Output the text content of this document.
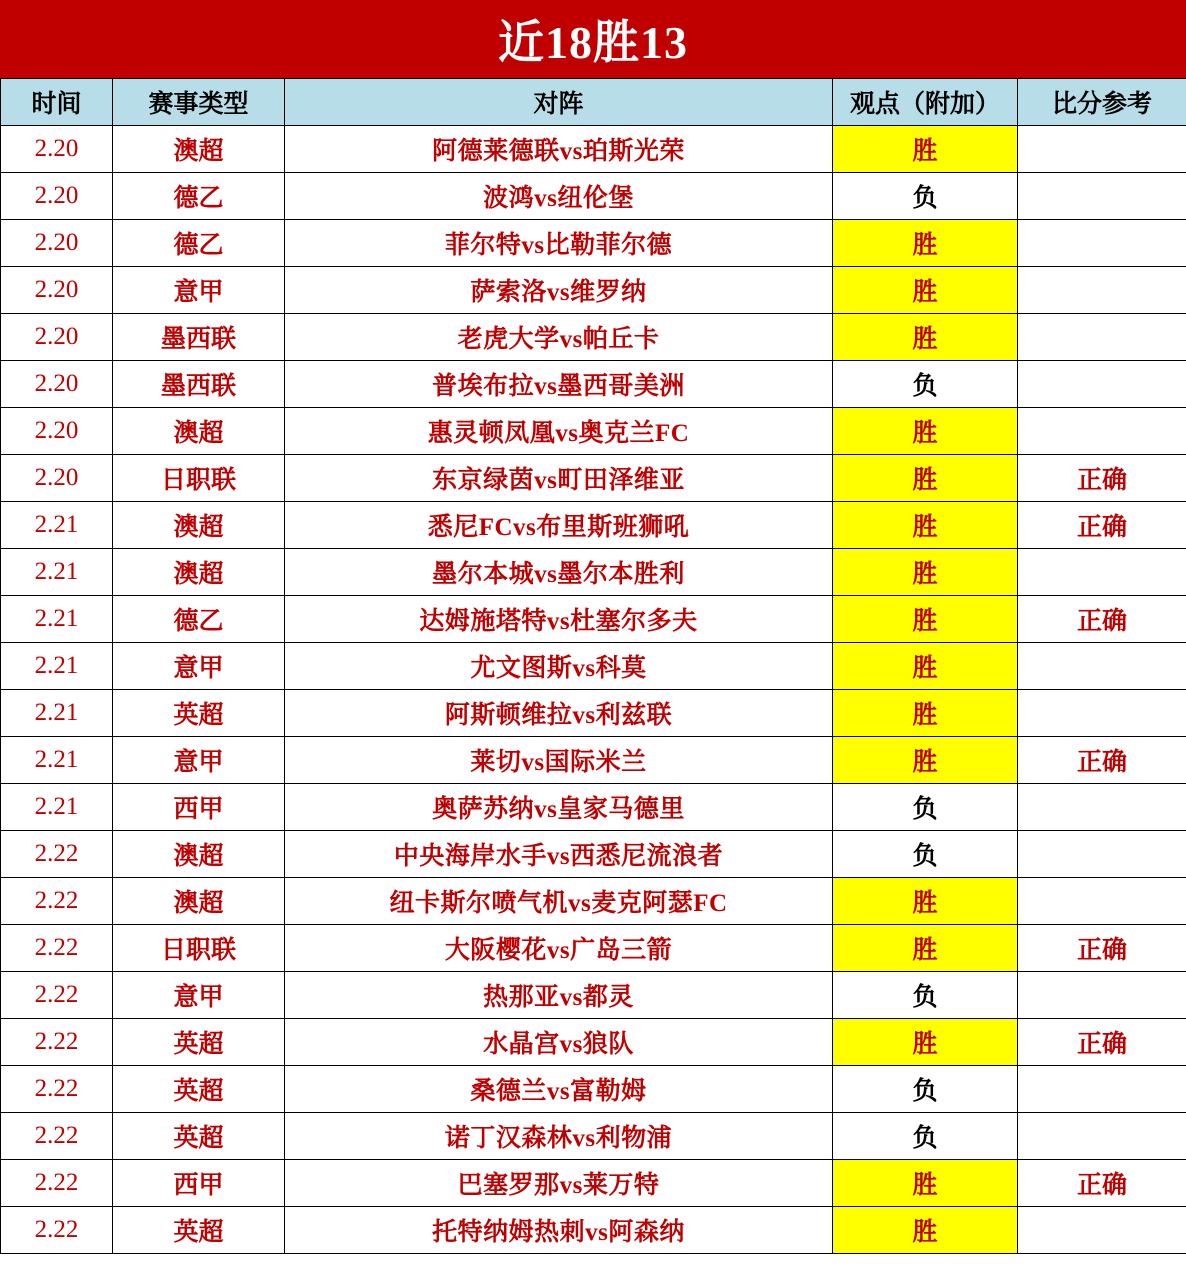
近18胜13
时间	赛事类型	对阵	观点（附加）	比分参考
2.20	澳超	阿德莱德联vs珀斯光荣	胜	
2.20	德乙	波鸿vs纽伦堡	负	
2.20	德乙	菲尔特vs比勒菲尔德	胜	
2.20	意甲	萨索洛vs维罗纳	胜	
2.20	墨西联	老虎大学vs帕丘卡	胜	
2.20	墨西联	普埃布拉vs墨西哥美洲	负	
2.20	澳超	惠灵顿凤凰vs奥克兰FC	胜	
2.20	日职联	东京绿茵vs町田泽维亚	胜	正确
2.21	澳超	悉尼FCvs布里斯班狮吼	胜	正确
2.21	澳超	墨尔本城vs墨尔本胜利	胜	
2.21	德乙	达姆施塔特vs杜塞尔多夫	胜	正确
2.21	意甲	尤文图斯vs科莫	胜	
2.21	英超	阿斯顿维拉vs利兹联	胜	
2.21	意甲	莱切vs国际米兰	胜	正确
2.21	西甲	奥萨苏纳vs皇家马德里	负	
2.22	澳超	中央海岸水手vs西悉尼流浪者	负	
2.22	澳超	纽卡斯尔喷气机vs麦克阿瑟FC	胜	
2.22	日职联	大阪樱花vs广岛三箭	胜	正确
2.22	意甲	热那亚vs都灵	负	
2.22	英超	水晶宫vs狼队	胜	正确
2.22	英超	桑德兰vs富勒姆	负	
2.22	英超	诺丁汉森林vs利物浦	负	
2.22	西甲	巴塞罗那vs莱万特	胜	正确
2.22	英超	托特纳姆热刺vs阿森纳	胜	
